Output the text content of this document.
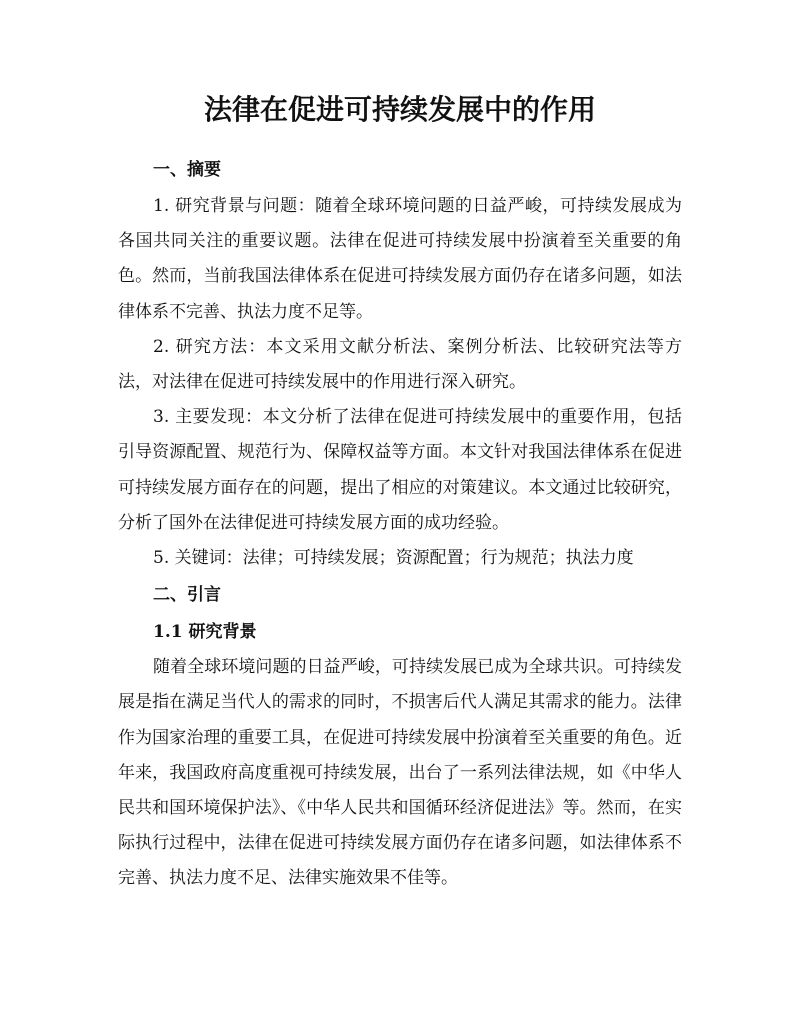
法律在促进可持续发展中的作用
一、摘要

1. 研究背景与问题：随着全球环境问题的日益严峻，可持续发展成为各国共同关注的重要议题。法律在促进可持续发展中扮演着至关重要的角色。然而，当前我国法律体系在促进可持续发展方面仍存在诸多问题，如法律体系不完善、执法力度不足等。

2. 研究方法：本文采用文献分析法、案例分析法、比较研究法等方法，对法律在促进可持续发展中的作用进行深入研究。

3. 主要发现：本文分析了法律在促进可持续发展中的重要作用，包括引导资源配置、规范行为、保障权益等方面。本文针对我国法律体系在促进可持续发展方面存在的问题，提出了相应的对策建议。本文通过比较研究，分析了国外在法律促进可持续发展方面的成功经验。

5. 关键词：法律；可持续发展；资源配置；行为规范；执法力度

二、引言
1.1 研究背景

随着全球环境问题的日益严峻，可持续发展已成为全球共识。可持续发展是指在满足当代人的需求的同时，不损害后代人满足其需求的能力。法律作为国家治理的重要工具，在促进可持续发展中扮演着至关重要的角色。近年来，我国政府高度重视可持续发展，出台了一系列法律法规，如《中华人民共和国环境保护法》、《中华人民共和国循环经济促进法》等。然而，在实际执行过程中，法律在促进可持续发展方面仍存在诸多问题，如法律体系不完善、执法力度不足、法律实施效果不佳等。
